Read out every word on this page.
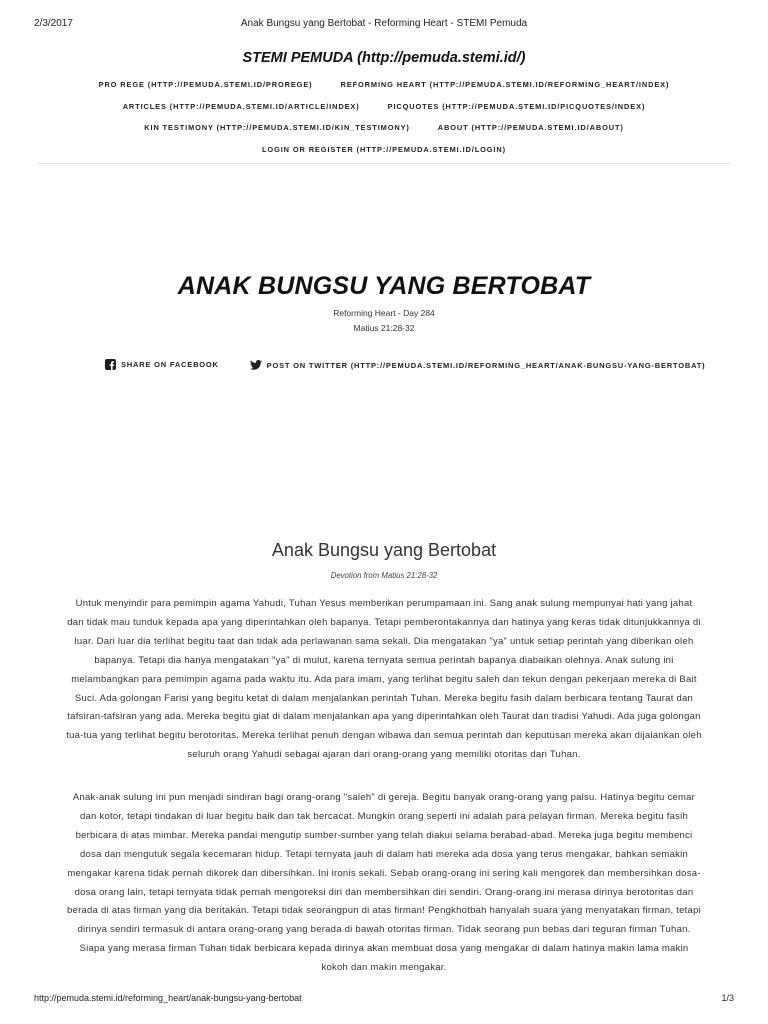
2/3/2017	Anak Bungsu yang Bertobat - Reforming Heart - STEMI Pemuda
STEMI PEMUDA (http://pemuda.stemi.id/)
PRO REGE (HTTP://PEMUDA.STEMI.ID/PROREGE)	REFORMING HEART (HTTP://PEMUDA.STEMI.ID/REFORMING_HEART/INDEX)
ARTICLES (HTTP://PEMUDA.STEMI.ID/ARTICLE/INDEX)	PICQUOTES (HTTP://PEMUDA.STEMI.ID/PICQUOTES/INDEX)
KIN TESTIMONY (HTTP://PEMUDA.STEMI.ID/KIN_TESTIMONY)	ABOUT (HTTP://PEMUDA.STEMI.ID/ABOUT)
LOGIN OR REGISTER (HTTP://PEMUDA.STEMI.ID/LOGIN)
ANAK BUNGSU YANG BERTOBAT
Reforming Heart - Day 284
Matius 21:28-32
SHARE ON FACEBOOK
	POST ON TWITTER (HTTP://PEMUDA.STEMI.ID/REFORMING_HEART/ANAK-BUNGSU-YANG-BERTOBAT)
Anak Bungsu yang Bertobat
Devotion from Matius 21:28-32

Untuk menyindir para pemimpin agama Yahudi, Tuhan Yesus memberikan perumpamaan ini. Sang anak sulung mempunyai hati yang jahat dan tidak mau tunduk kepada apa yang diperintahkan oleh bapanya. Tetapi pemberontakannya dan hatinya yang keras tidak ditunjukkannya di luar. Dari luar dia terlihat begitu taat dan tidak ada perlawanan sama sekali. Dia mengatakan "ya" untuk setiap perintah yang diberikan oleh bapanya. Tetapi dia hanya mengatakan "ya" di mulut, karena ternyata semua perintah bapanya diabaikan olehnya. Anak sulung ini melambangkan para pemimpin agama pada waktu itu. Ada para imam, yang terlihat begitu saleh dan tekun dengan pekerjaan mereka di Bait Suci. Ada golongan Farisi yang begitu ketat di dalam menjalankan perintah Tuhan. Mereka begitu fasih dalam berbicara tentang Taurat dan tafsiran-tafsiran yang ada. Mereka begitu giat di dalam menjalankan apa yang diperintahkan oleh Taurat dan tradisi Yahudi. Ada juga golongan tua-tua yang terlihat begitu berotoritas. Mereka terlihat penuh dengan wibawa dan semua perintah dan keputusan mereka akan dijalankan oleh seluruh orang Yahudi sebagai ajaran dari orang-orang yang memiliki otoritas dari Tuhan.

Anak-anak sulung ini pun menjadi sindiran bagi orang-orang "saleh" di gereja. Begitu banyak orang-orang yang palsu. Hatinya begitu cemar dan kotor, tetapi tindakan di luar begitu baik dan tak bercacat. Mungkin orang seperti ini adalah para pelayan firman. Mereka begitu fasih berbicara di atas mimbar. Mereka pandai mengutip sumber-sumber yang telah diakui selama berabad-abad. Mereka juga begitu membenci dosa dan mengutuk segala kecemaran hidup. Tetapi ternyata jauh di dalam hati mereka ada dosa yang terus mengakar, bahkan semakin mengakar karena tidak pernah dikorek dan dibersihkan. Ini ironis sekali. Sebab orang-orang ini sering kali mengorek dan membersihkan dosa-dosa orang lain, tetapi ternyata tidak pernah mengoreksi diri dan membersihkan diri sendiri. Orang-orang ini merasa dirinya berotoritas dan berada di atas firman yang dia beritakan. Tetapi tidak seorangpun di atas firman! Pengkhotbah hanyalah suara yang menyatakan firman, tetapi dirinya sendiri termasuk di antara orang-orang yang berada di bawah otoritas firman. Tidak seorang pun bebas dari teguran firman Tuhan. Siapa yang merasa firman Tuhan tidak berbicara kepada dirinya akan membuat dosa yang mengakar di dalam hatinya makin lama makin kokoh dan makin mengakar.

http://pemuda.stemi.id/reforming_heart/anak-bungsu-yang-bertobat	1/3
